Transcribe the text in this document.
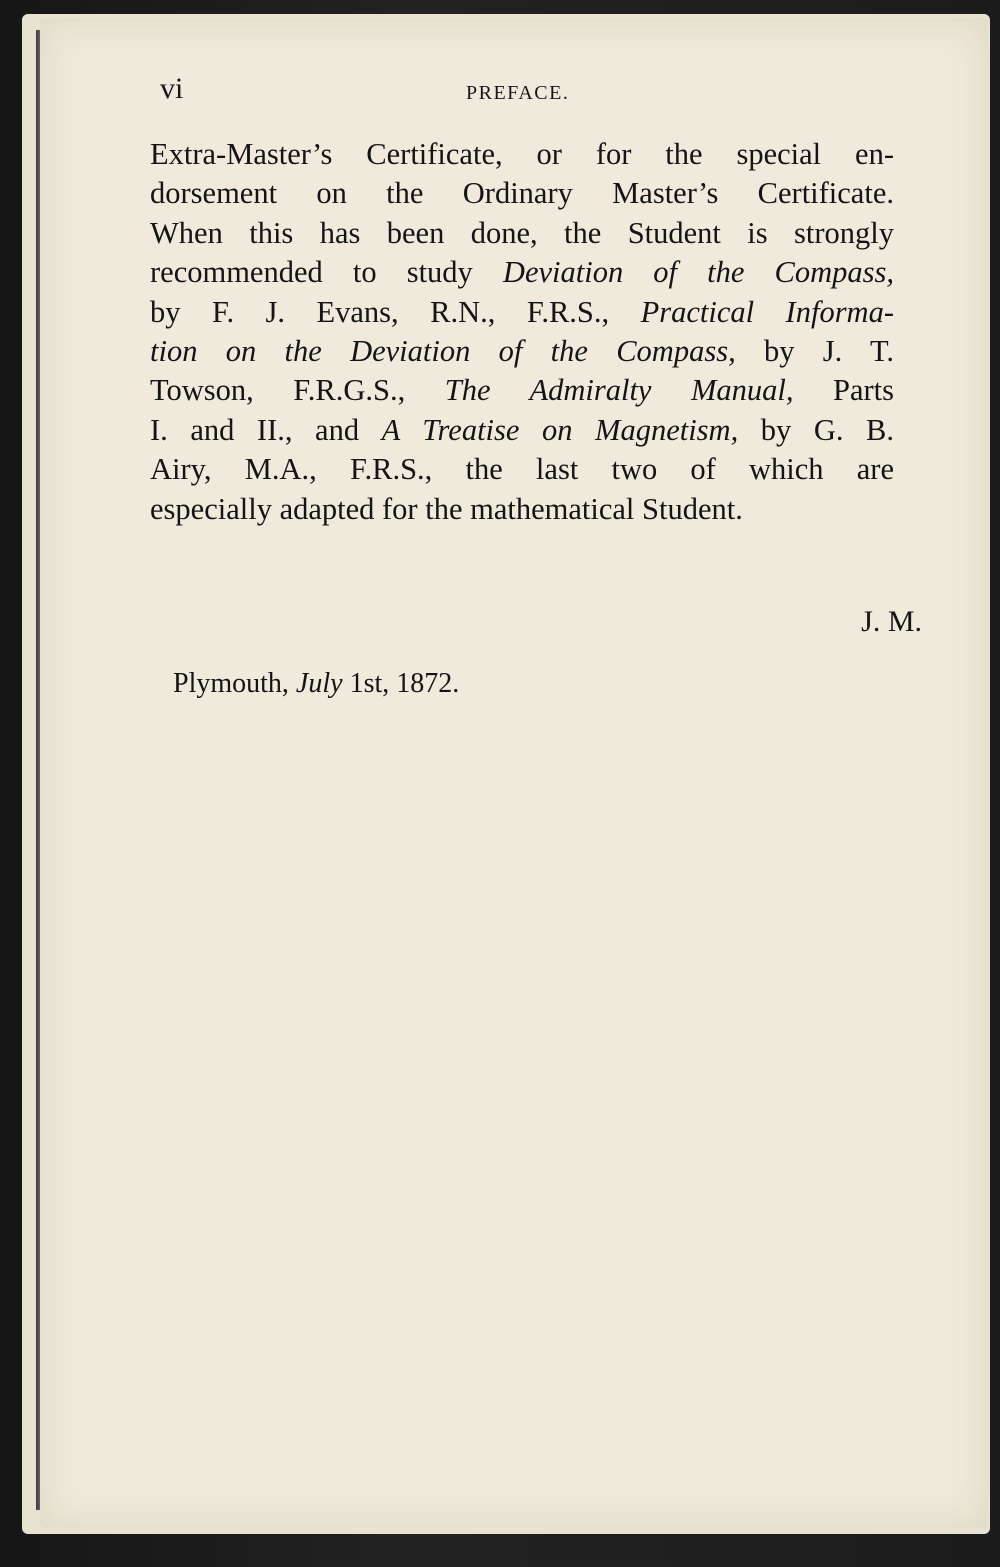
vi	PREFACE.
Extra-Master’s Certificate, or for the special en-
dorsement on the Ordinary Master’s Certificate.
When this has been done, the Student is strongly
recommended to study Deviation of the Compass,
by F. J. Evans, R.N., F.R.S., Practical Informa-
tion on the Deviation of the Compass, by J. T.
Towson, F.R.G.S., The Admiralty Manual, Parts
I. and II., and A Treatise on Magnetism, by G. B.
Airy, M.A., F.R.S., the last two of which are
especially adapted for the mathematical Student.
J. M.
Plymouth, July 1st, 1872.
